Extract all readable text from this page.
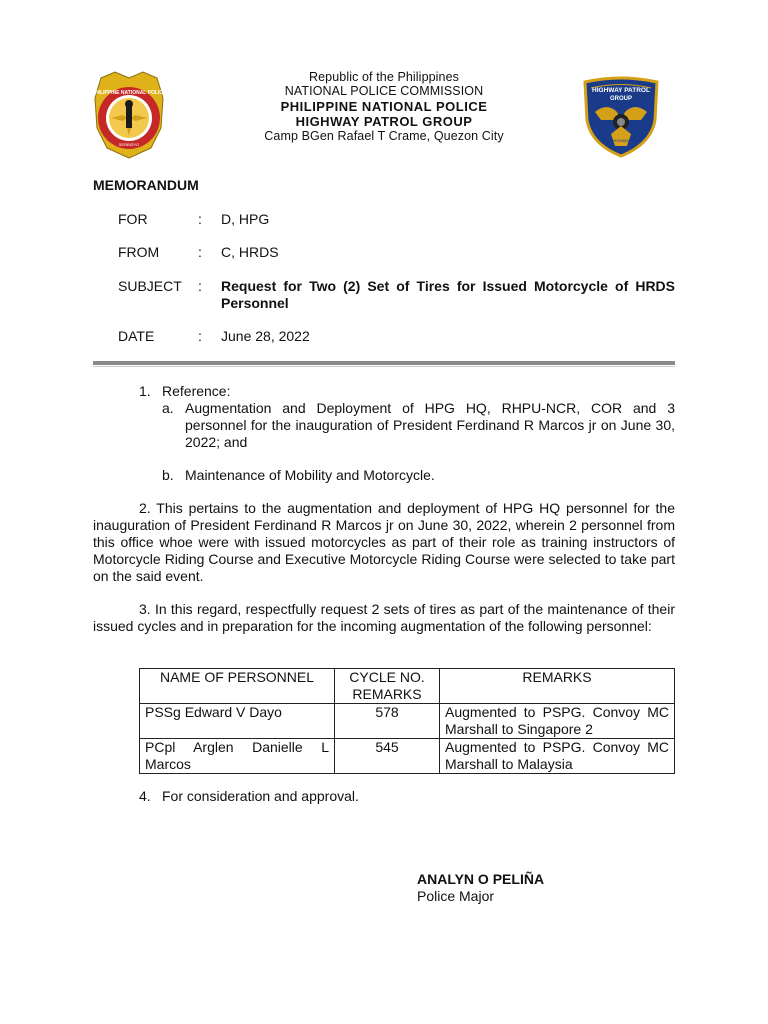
PHILIPPINE NATIONAL POLICE
SERBISYO
HIGHWAY PATROL
GROUP
HIGHWAY
Republic of the Philippines
NATIONAL POLICE COMMISSION
PHILIPPINE NATIONAL POLICE
HIGHWAY PATROL GROUP
Camp BGen Rafael T Crame, Quezon City
MEMORANDUM
FOR	: D, HPG
FROM	: C, HRDS
SUBJECT : Request for Two (2) Set of Tires for Issued Motorcycle of HRDS Personnel
DATE	: June 28, 2022
1. Reference:
a. Augmentation and Deployment of HPG HQ, RHPU-NCR, COR and 3 personnel for the inauguration of President Ferdinand R Marcos jr on June 30, 2022; and
b. Maintenance of Mobility and Motorcycle.
2. This pertains to the augmentation and deployment of HPG HQ personnel for the inauguration of President Ferdinand R Marcos jr on June 30, 2022, wherein 2 personnel from this office whoe were with issued motorcycles as part of their role as training instructors of Motorcycle Riding Course and Executive Motorcycle Riding Course were selected to take part on the said event.
3. In this regard, respectfully request 2 sets of tires as part of the maintenance of their issued cycles and in preparation for the incoming augmentation of the following personnel:
NAME OF PERSONNEL	CYCLE NO. REMARKS	REMARKS
PSSg Edward V Dayo	578	Augmented to PSPG. Convoy MC Marshall to Singapore 2
PCpl Arglen Danielle L Marcos	545	Augmented to PSPG. Convoy MC Marshall to Malaysia
4. For consideration and approval.
ANALYN O PELIÑA
Police Major
